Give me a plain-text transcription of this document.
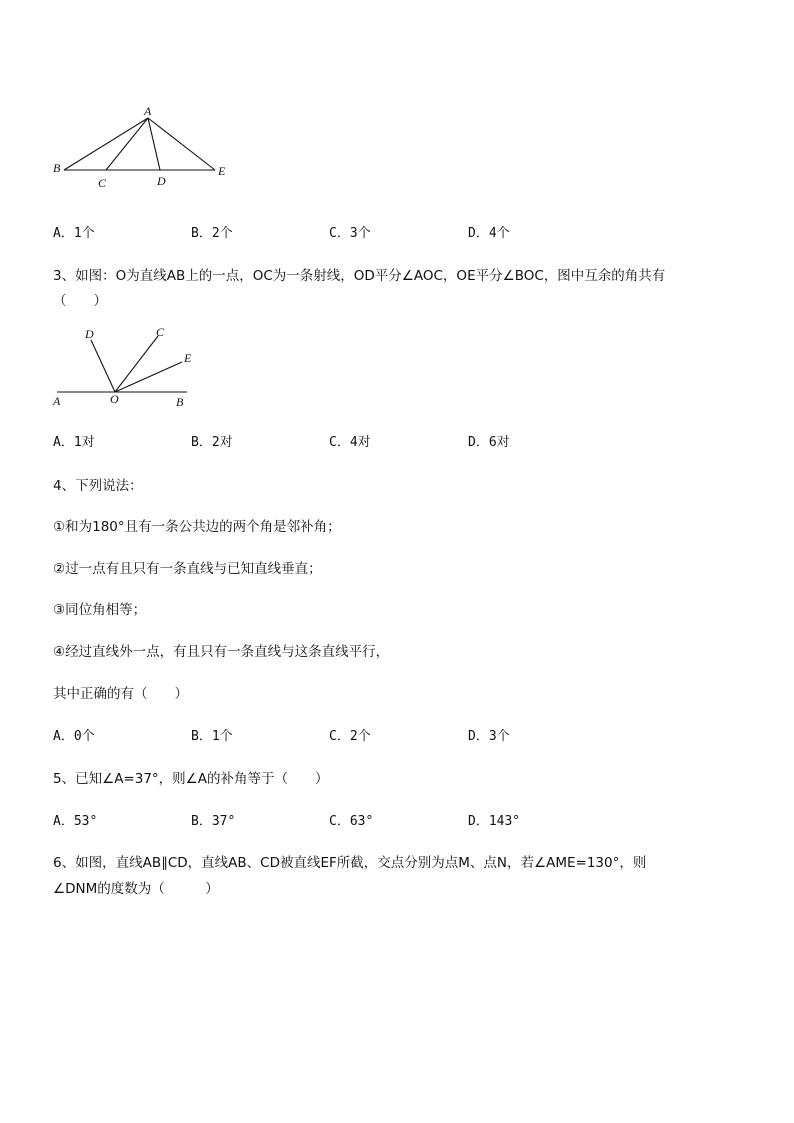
A
B
C	D
E
A．1个	B．2个	C．3个	D．4个
3、如图：O为直线AB上的一点，OC为一条射线，OD平分∠AOC，OE平分∠BOC，图中互余的角共有
（　　）
D	C
E
A	O	B
A．1对	B．2对	C．4对	D．6对
4、下列说法：
①和为180°且有一条公共边的两个角是邻补角；
②过一点有且只有一条直线与已知直线垂直；
③同位角相等；
④经过直线外一点，有且只有一条直线与这条直线平行，
其中正确的有（　　）
A．0个	B．1个	C．2个	D．3个
5、已知∠A=37°，则∠A的补角等于（　　）
A．53°	B．37°	C．63°	D．143°
6、如图，直线AB∥CD，直线AB、CD被直线EF所截，交点分别为点M、点N，若∠AME=130°，则
∠DNM的度数为（　　　）
